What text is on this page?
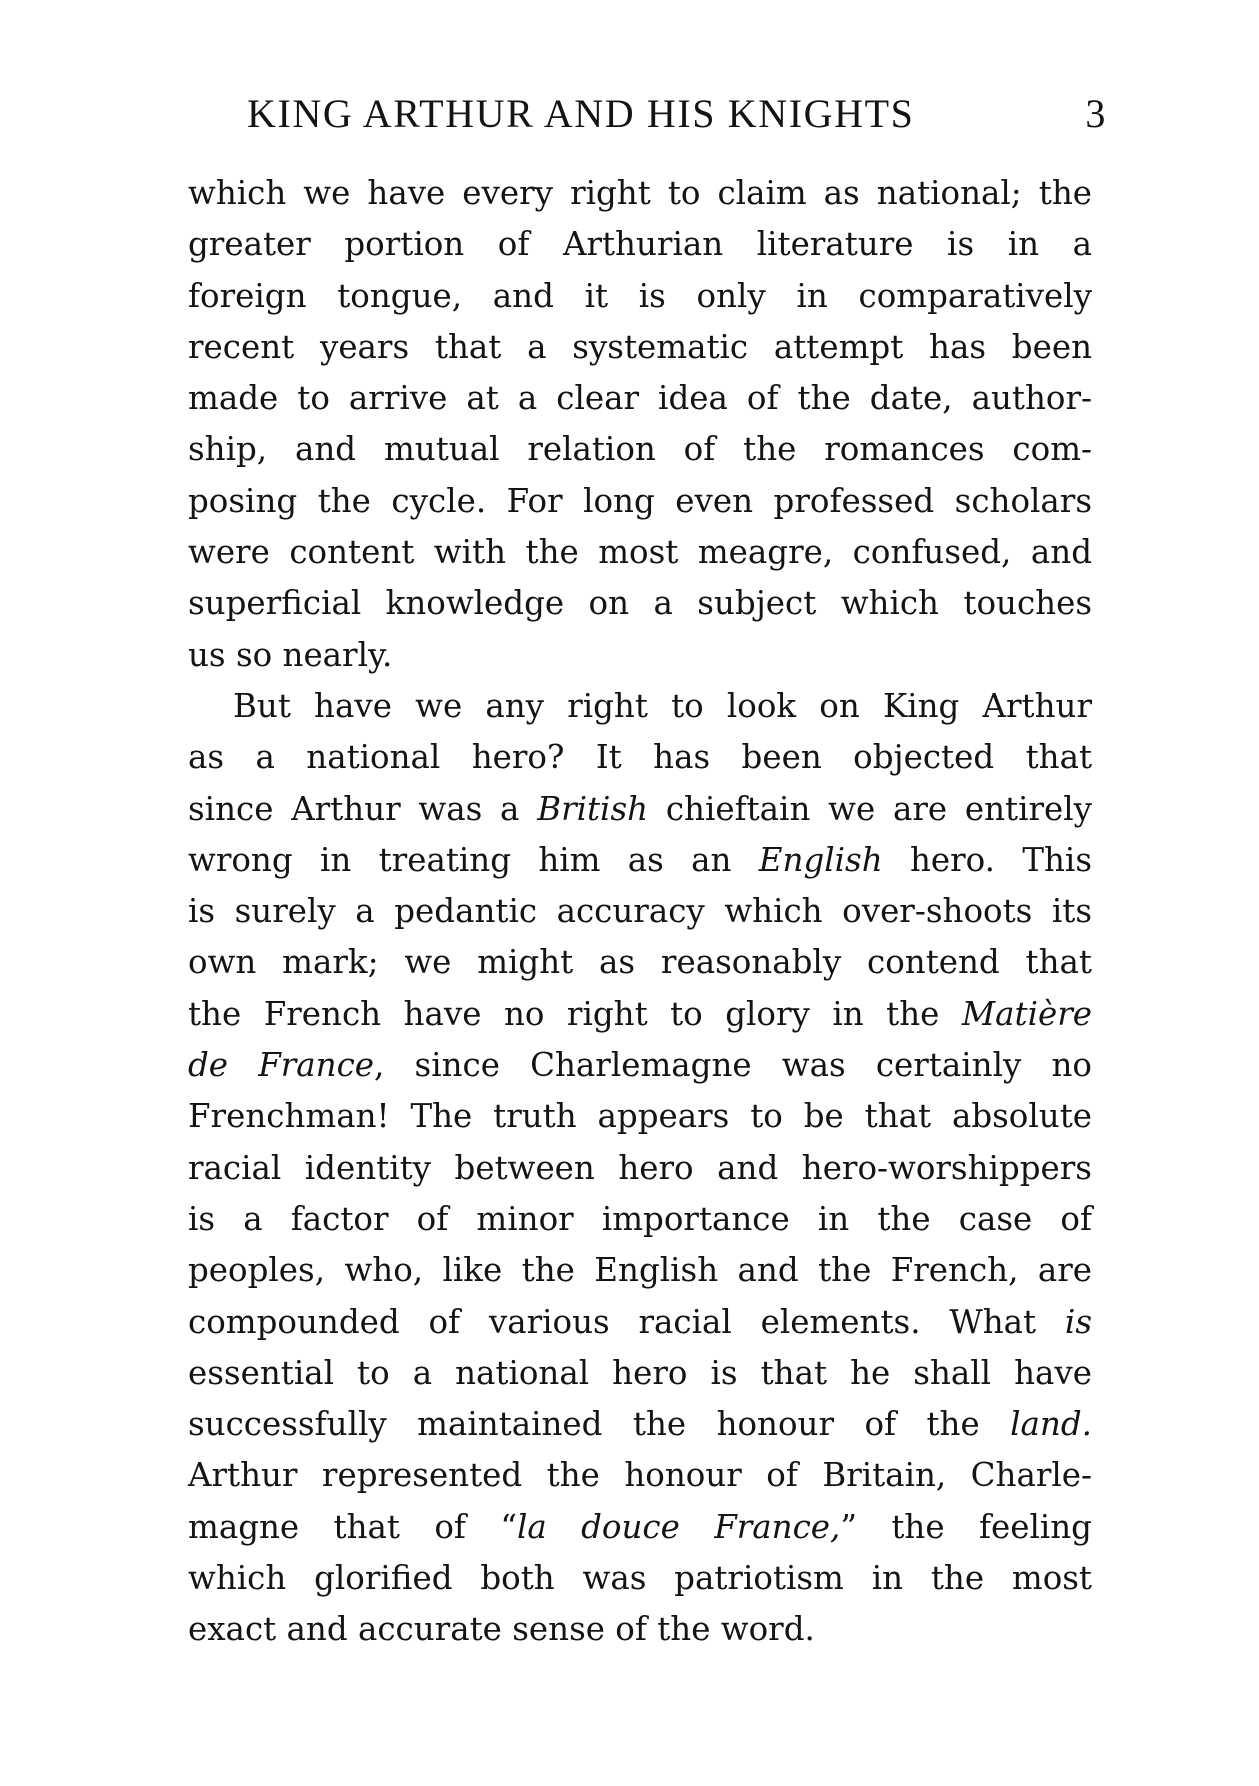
KING ARTHUR AND HIS KNIGHTS	3
which we have every right to claim as national; the
greater portion of Arthurian literature is in a
foreign tongue, and it is only in comparatively
recent years that a systematic attempt has been
made to arrive at a clear idea of the date, author-
ship, and mutual relation of the romances com-
posing the cycle. For long even professed scholars
were content with the most meagre, confused, and
superficial knowledge on a subject which touches
us so nearly.
But have we any right to look on King Arthur
as a national hero? It has been objected that
since Arthur was a British chieftain we are entirely
wrong in treating him as an English hero. This
is surely a pedantic accuracy which over-shoots its
own mark; we might as reasonably contend that
the French have no right to glory in the Matière
de France, since Charlemagne was certainly no
Frenchman! The truth appears to be that absolute
racial identity between hero and hero-worshippers
is a factor of minor importance in the case of
peoples, who, like the English and the French, are
compounded of various racial elements. What is
essential to a national hero is that he shall have
successfully maintained the honour of the land.
Arthur represented the honour of Britain, Charle-
magne that of “la douce France,” the feeling
which glorified both was patriotism in the most
exact and accurate sense of the word.
